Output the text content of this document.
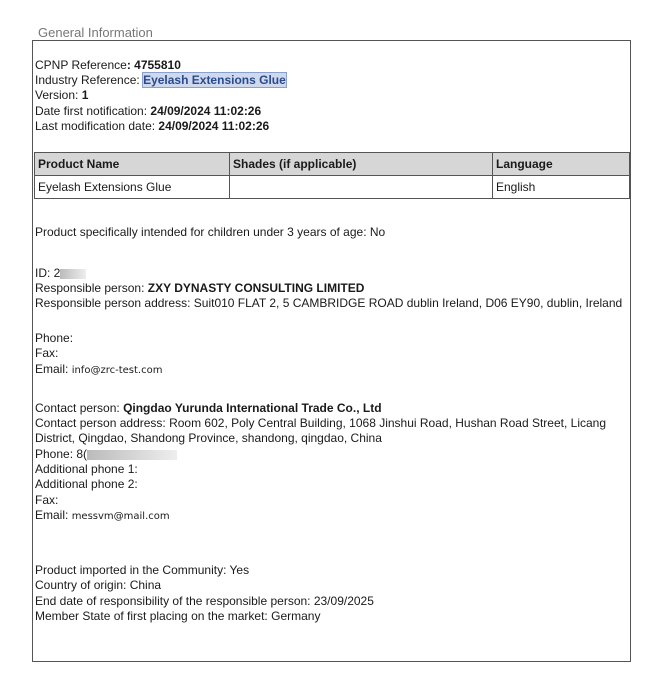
General Information
CPNP Reference: 4755810
Industry Reference: Eyelash Extensions Glue
Version: 1
Date first notification: 24/09/2024 11:02:26
Last modification date: 24/09/2024 11:02:26
Product Name	Shades (if applicable)	Language
Eyelash Extensions Glue		English
Product specifically intended for children under 3 years of age: No
ID: 2
Responsible person: ZXY DYNASTY CONSULTING LIMITED
Responsible person address: Suit010 FLAT 2, 5 CAMBRIDGE ROAD dublin Ireland, D06 EY90, dublin, Ireland
Phone:
Fax:
Email: info@zrc-test.com
Contact person: Qingdao Yurunda International Trade Co., Ltd
Contact person address: Room 602, Poly Central Building, 1068 Jinshui Road, Hushan Road Street, Licang District, Qingdao, Shandong Province, shandong, qingdao, China
Phone: 8(
Additional phone 1:
Additional phone 2:
Fax:
Email: messvm@mail.com
Product imported in the Community: Yes
Country of origin: China
End date of responsibility of the responsible person: 23/09/2025
Member State of first placing on the market: Germany
